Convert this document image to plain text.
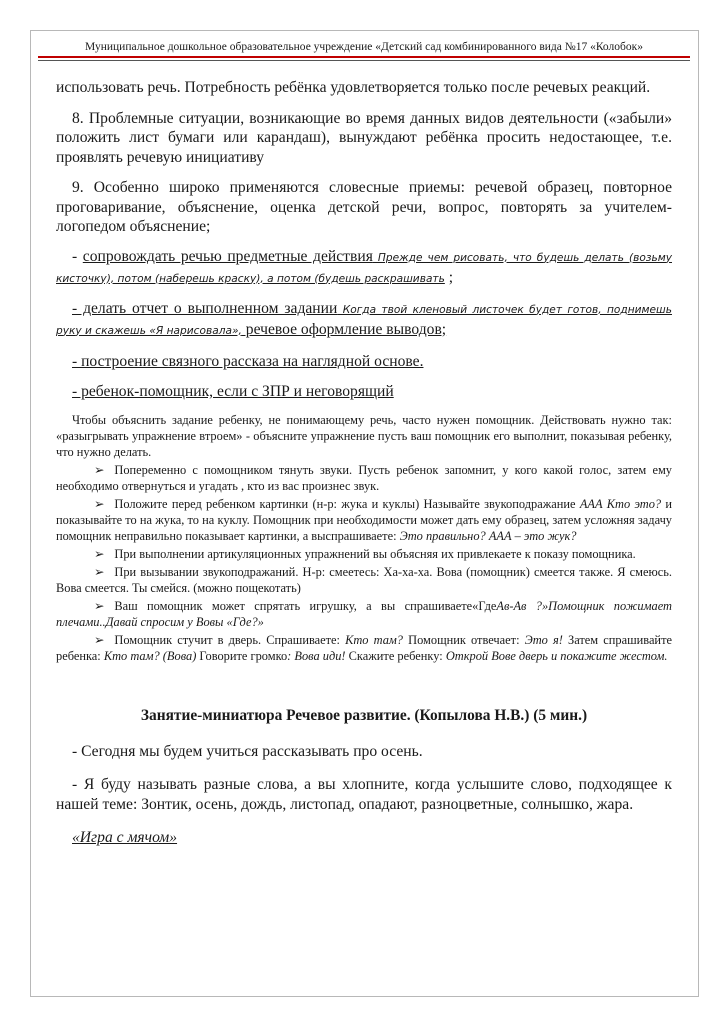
Муниципальное дошкольное образовательное учреждение «Детский сад комбинированного вида №17 «Колобок»

использовать речь. Потребность ребёнка удовлетворяется только после речевых реакций.

8. Проблемные ситуации, возникающие во время данных видов деятельности («забыли» положить лист бумаги или карандаш), вынуждают ребёнка просить недостающее, т.е. проявлять речевую инициативу

9. Особенно широко применяются словесные приемы: речевой образец, повторное проговаривание, объяснение, оценка детской речи, вопрос, повторять за учителем-логопедом объяснение;

- сопровождать речью предметные действия Прежде чем рисовать, что будешь делать (возьму кисточку), потом (наберешь краску), а потом (будешь раскрашивать ;

- делать отчет о выполненном задании Когда твой кленовый листочек будет готов, поднимешь руку и скажешь «Я нарисовала», речевое оформление выводов;

- построение связного рассказа на наглядной основе.

- ребенок-помощник, если с ЗПР и неговорящий

Чтобы объяснить задание ребенку, не понимающему речь, часто нужен помощник. Действовать нужно так: «разыгрывать упражнение втроем» - объясните упражнение пусть ваш помощник его выполнит, показывая ребенку, что нужно делать.

➢ Попеременно с помощником тянуть звуки. Пусть ребенок запомнит, у кого какой голос, затем ему необходимо отвернуться и угадать , кто из вас произнес звук.

➢ Положите перед ребенком картинки (н-р: жука и куклы) Называйте звукоподражание ААА Кто это? и показывайте то на жука, то на куклу. Помощник при необходимости может дать ему образец, затем усложняя задачу помощник неправильно показывает картинки, а выспрашиваете: Это правильно? ААА – это жук?

➢ При выполнении артикуляционных упражнений вы объясняя их привлекаете к показу помощника.

➢ При вызывании звукоподражаний. Н-р: смеетесь: Ха-ха-ха. Вова (помощник) смеется также. Я смеюсь. Вова смеется. Ты смейся. (можно пощекотать)

➢ Ваш помощник может спрятать игрушку, а вы спрашиваете«ГдеАв-Ав ?»Помощник пожимает плечами..Давай спросим у Вовы «Где?»

➢ Помощник стучит в дверь. Спрашиваете: Кто там? Помощник отвечает: Это я! Затем спрашивайте ребенка: Кто там? (Вова) Говорите громко: Вова иди! Скажите ребенку: Открой Вове дверь и покажите жестом.

Занятие-миниатюра Речевое развитие. (Копылова Н.В.) (5 мин.)

- Сегодня мы будем учиться рассказывать про осень.

- Я буду называть разные слова, а вы хлопните, когда услышите слово, подходящее к нашей теме: Зонтик, осень, дождь, листопад, опадают, разноцветные, солнышко, жара.

«Игра с мячом»
